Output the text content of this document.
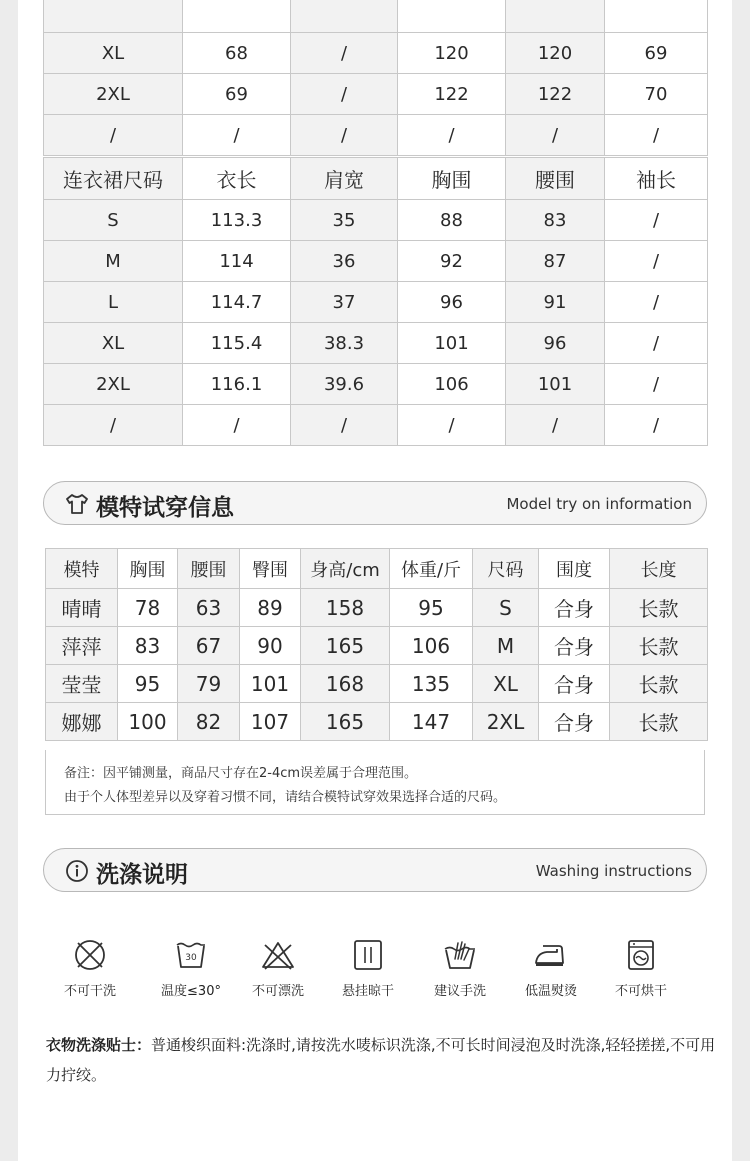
XL	68	/	120	120	69
2XL	69	/	122	122	70
/	/	/	/	/	/
连衣裙尺码	衣长	肩宽	胸围	腰围	袖长
S	113.3	35	88	83	/
M	114	36	92	87	/
L	114.7	37	96	91	/
XL	115.4	38.3	101	96	/
2XL	116.1	39.6	106	101	/
/	/	/	/	/	/
模特试穿信息	Model try on information
模特	胸围	腰围	臀围	身高/cm	体重/斤	尺码	围度	长度
晴晴	78	63	89	158	95	S	合身	长款
萍萍	83	67	90	165	106	M	合身	长款
莹莹	95	79	101	168	135	XL	合身	长款
娜娜	100	82	107	165	147	2XL	合身	长款
备注：因平铺测量，商品尺寸存在2-4cm误差属于合理范围。
由于个人体型差异以及穿着习惯不同，请结合模特试穿效果选择合适的尺码。
洗涤说明	Washing instructions
不可干洗
30
温度≤30°	不可漂洗	悬挂晾干	建议手洗	低温熨烫	不可烘干
衣物洗涤贴士：普通梭织面料:洗涤时,请按洗水唛标识洗涤,不可长时间浸泡及时洗涤,轻轻搓搓,不可用力拧绞。
